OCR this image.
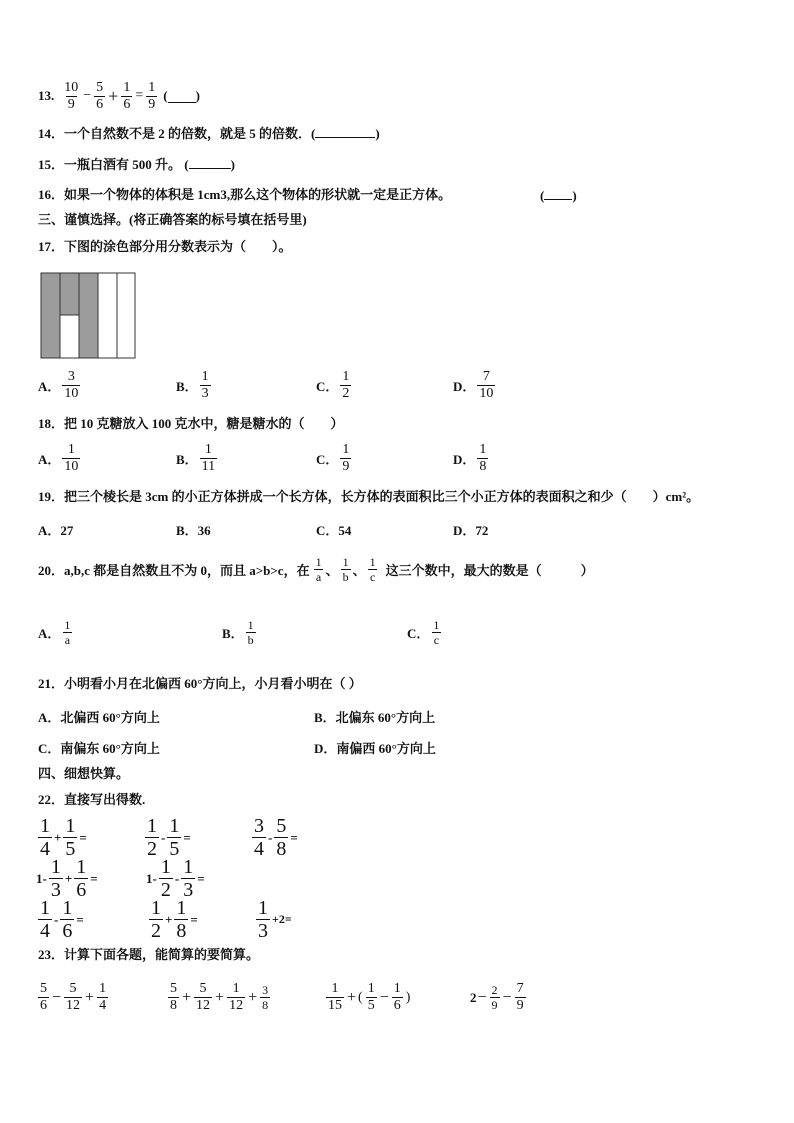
13. $\frac{10}{9} - \frac{5}{6} + \frac{1}{6} = \frac{1}{9}$ ( )
14．一个自然数不是 2 的倍数，就是 5 的倍数．(	)
15．一瓶白酒有 500 升。 (	)
16．如果一个物体的体积是 1cm3,那么这个物体的形状就一定是正方体。	( )
三、谨慎选择。(将正确答案的标号填在括号里)
17．下图的涂色部分用分数表示为（　　）。
A． $\frac{3}{10}$	B． $\frac{1}{3}$	C． $\frac{1}{2}$	D． $\frac{7}{10}$
18．把 10 克糖放入 100 克水中，糖是糖水的（　　）
A． $\frac{1}{10}$	B． $\frac{1}{11}$	C． $\frac{1}{9}$	D． $\frac{1}{8}$
19．把三个棱长是 3cm 的小正方体拼成一个长方体，长方体的表面积比三个小正方体的表面积之和少（　　）cm²。
A．27	B．36	C．54	D．72
20．a,b,c 都是自然数且不为 0，而且 a>b>c，在 $\frac{1}{a}$ 、 $\frac{1}{b}$ 、 $\frac{1}{c}$ 这三个数中，最大的数是（　　　）
A． $\frac{1}{a}$	B． $\frac{1}{b}$	C． $\frac{1}{c}$
21．小明看小月在北偏西 60°方向上，小月看小明在（ ）
A．北偏西 60°方向上	B．北偏东 60°方向上
C．南偏东 60°方向上	D．南偏西 60°方向上
四、细想快算。
22．直接写出得数.
$\frac{1}{4} + \frac{1}{5}$ =	$\frac{1}{2} - \frac{1}{5}$ =	$\frac{3}{4} - \frac{5}{8}$ =
$1- \frac{1}{3} + \frac{1}{6}$ =	$1- \frac{1}{2} - \frac{1}{3}$ =
$\frac{1}{4} - \frac{1}{6}$ =	$\frac{1}{2} + \frac{1}{8}$ =	$\frac{1}{3} +2=$
23．计算下面各题，能简算的要简算。
$\frac{5}{6} - \frac{5}{12} + \frac{1}{4}$	$\frac{5}{8} + \frac{5}{12} + \frac{1}{12} + \frac{3}{8}$	$\frac{1}{15}$ + ( $\frac{1}{5} - \frac{1}{6}$ )	$2 - \frac{2}{9} - \frac{7}{9}$
